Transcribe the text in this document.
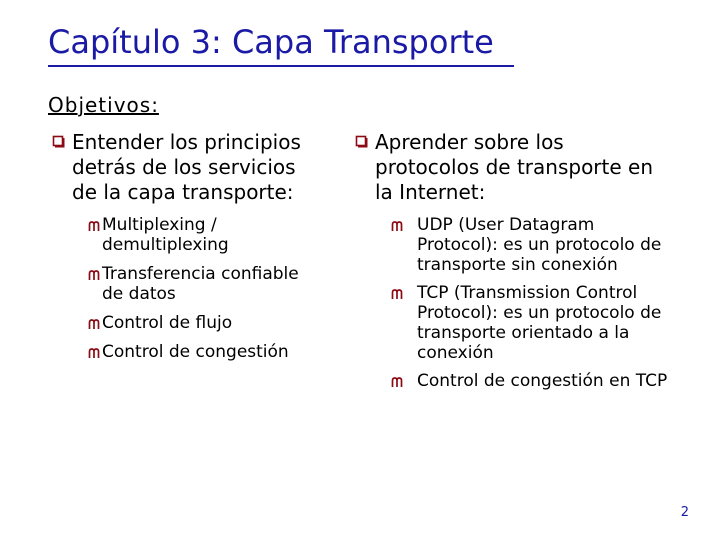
Capítulo 3: Capa Transporte
Objetivos:
Entender los principios
detrás de los servicios
de la capa transporte:
Multiplexing /
demultiplexing
Transferencia confiable
de datos
Control de flujo
Control de congestión
Aprender sobre los
protocolos de transporte en
la Internet:
UDP (User Datagram
Protocol): es un protocolo de
transporte sin conexión
TCP (Transmission Control
Protocol): es un protocolo de
transporte orientado a la
conexión
Control de congestión en TCP
2
